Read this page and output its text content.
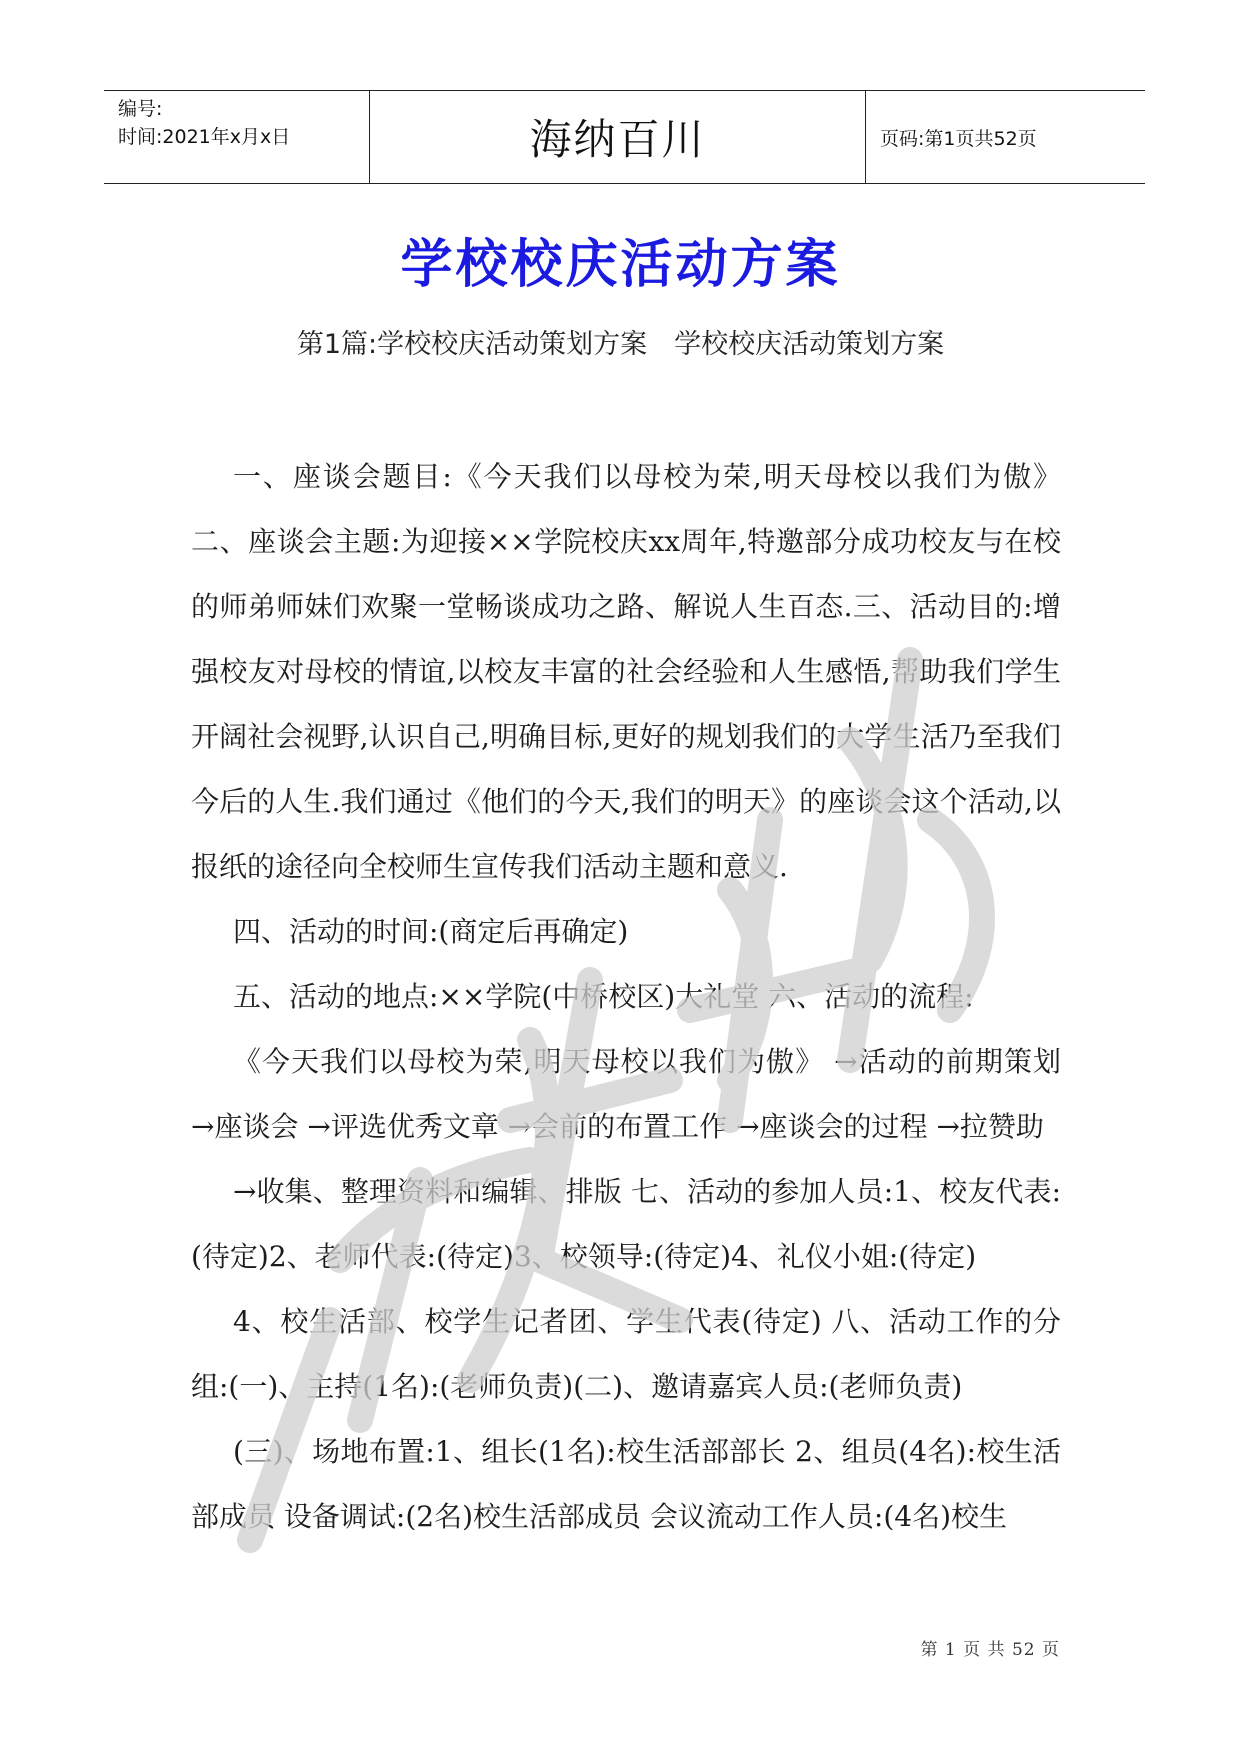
编号:
时间:2021年x月x日	海纳百川	页码:第1页共52页
学校校庆活动方案
第1篇:学校校庆活动策划方案　学校校庆活动策划方案

一、座谈会题目:《今天我们以母校为荣,明天母校以我们为傲》二、座谈会主题:为迎接××学院校庆xx周年,特邀部分成功校友与在校的师弟师妹们欢聚一堂畅谈成功之路、解说人生百态.三、活动目的:增强校友对母校的情谊,以校友丰富的社会经验和人生感悟,帮助我们学生开阔社会视野,认识自己,明确目标,更好的规划我们的大学生活乃至我们今后的人生.我们通过《他们的今天,我们的明天》的座谈会这个活动,以报纸的途径向全校师生宣传我们活动主题和意义.

四、活动的时间:(商定后再确定)

五、活动的地点:××学院(中桥校区)大礼堂 六、活动的流程:

《今天我们以母校为荣,明天母校以我们为傲》 →活动的前期策划 →座谈会 →评选优秀文章 →会前的布置工作 →座谈会的过程 →拉赞助

→收集、整理资料和编辑、排版 七、活动的参加人员:1、校友代表:(待定)2、老师代表:(待定)3、校领导:(待定)4、礼仪小姐:(待定)

4、校生活部、校学生记者团、学生代表(待定) 八、活动工作的分组:(一)、主持(1名):(老师负责)(二)、邀请嘉宾人员:(老师负责)

(三)、场地布置:1、组长(1名):校生活部部长 2、组员(4名):校生活部成员 设备调试:(2名)校生活部成员 会议流动工作人员:(4名)校生

第 1 页 共 52 页
